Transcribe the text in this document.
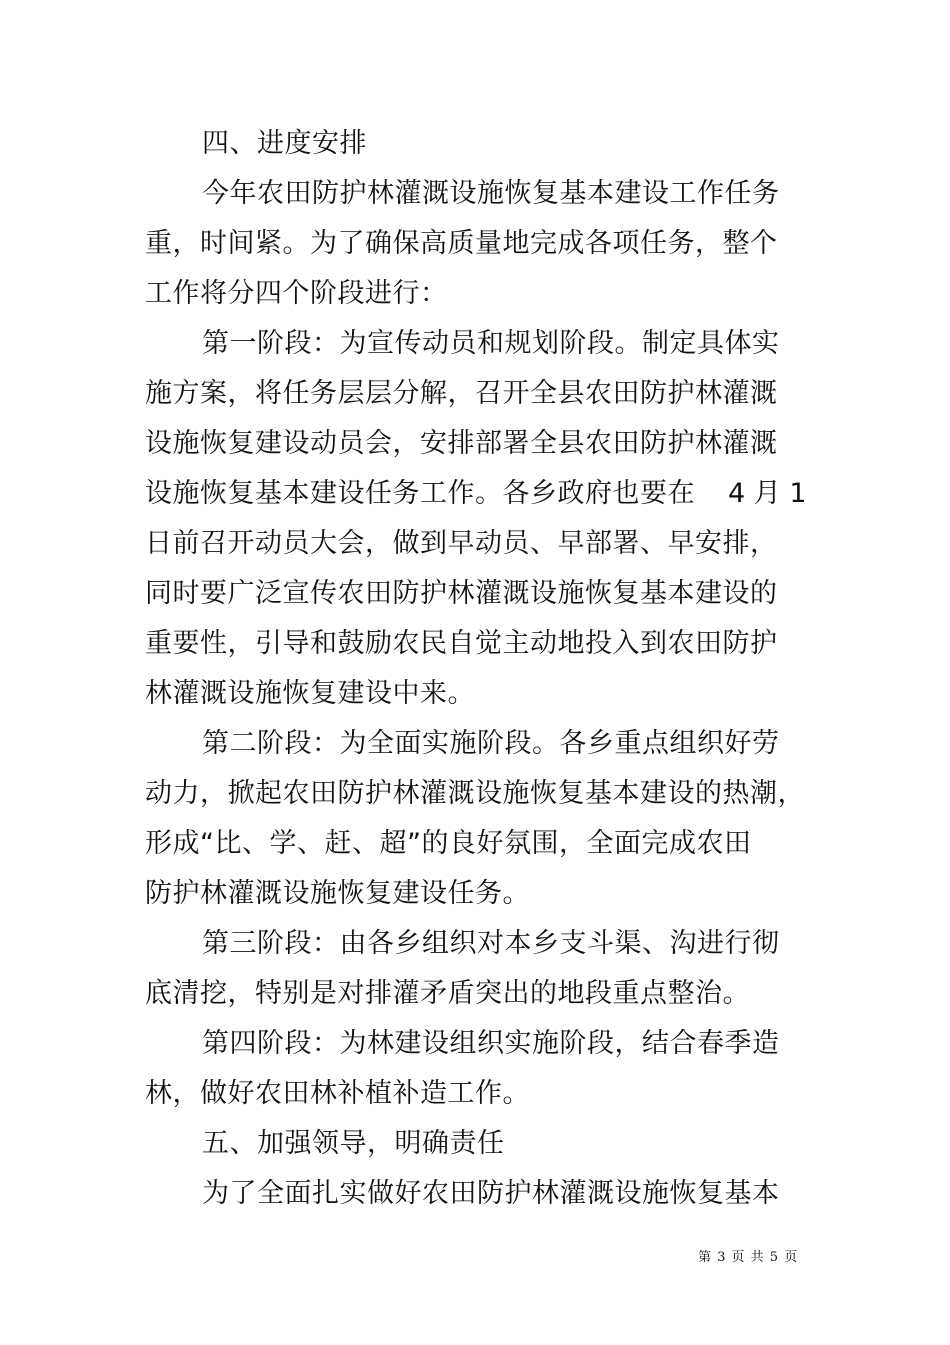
四、进度安排
今年农田防护林灌溉设施恢复基本建设工作任务
重，时间紧。为了确保高质量地完成各项任务，整个
工作将分四个阶段进行：
第一阶段：为宣传动员和规划阶段。制定具体实
施方案，将任务层层分解，召开全县农田防护林灌溉
设施恢复建设动员会，安排部署全县农田防护林灌溉
设施恢复基本建设任务工作。各乡政府也要在 4 月 1
日前召开动员大会，做到早动员、早部署、早安排，
同时要广泛宣传农田防护林灌溉设施恢复基本建设的
重要性，引导和鼓励农民自觉主动地投入到农田防护
林灌溉设施恢复建设中来。
第二阶段：为全面实施阶段。各乡重点组织好劳
动力，掀起农田防护林灌溉设施恢复基本建设的热潮，
形成“比、学、赶、超”的良好氛围，全面完成农田
防护林灌溉设施恢复建设任务。
第三阶段：由各乡组织对本乡支斗渠、沟进行彻
底清挖，特别是对排灌矛盾突出的地段重点整治。
第四阶段：为林建设组织实施阶段，结合春季造
林，做好农田林补植补造工作。
五、加强领导，明确责任
为了全面扎实做好农田防护林灌溉设施恢复基本
第 3 页 共 5 页
